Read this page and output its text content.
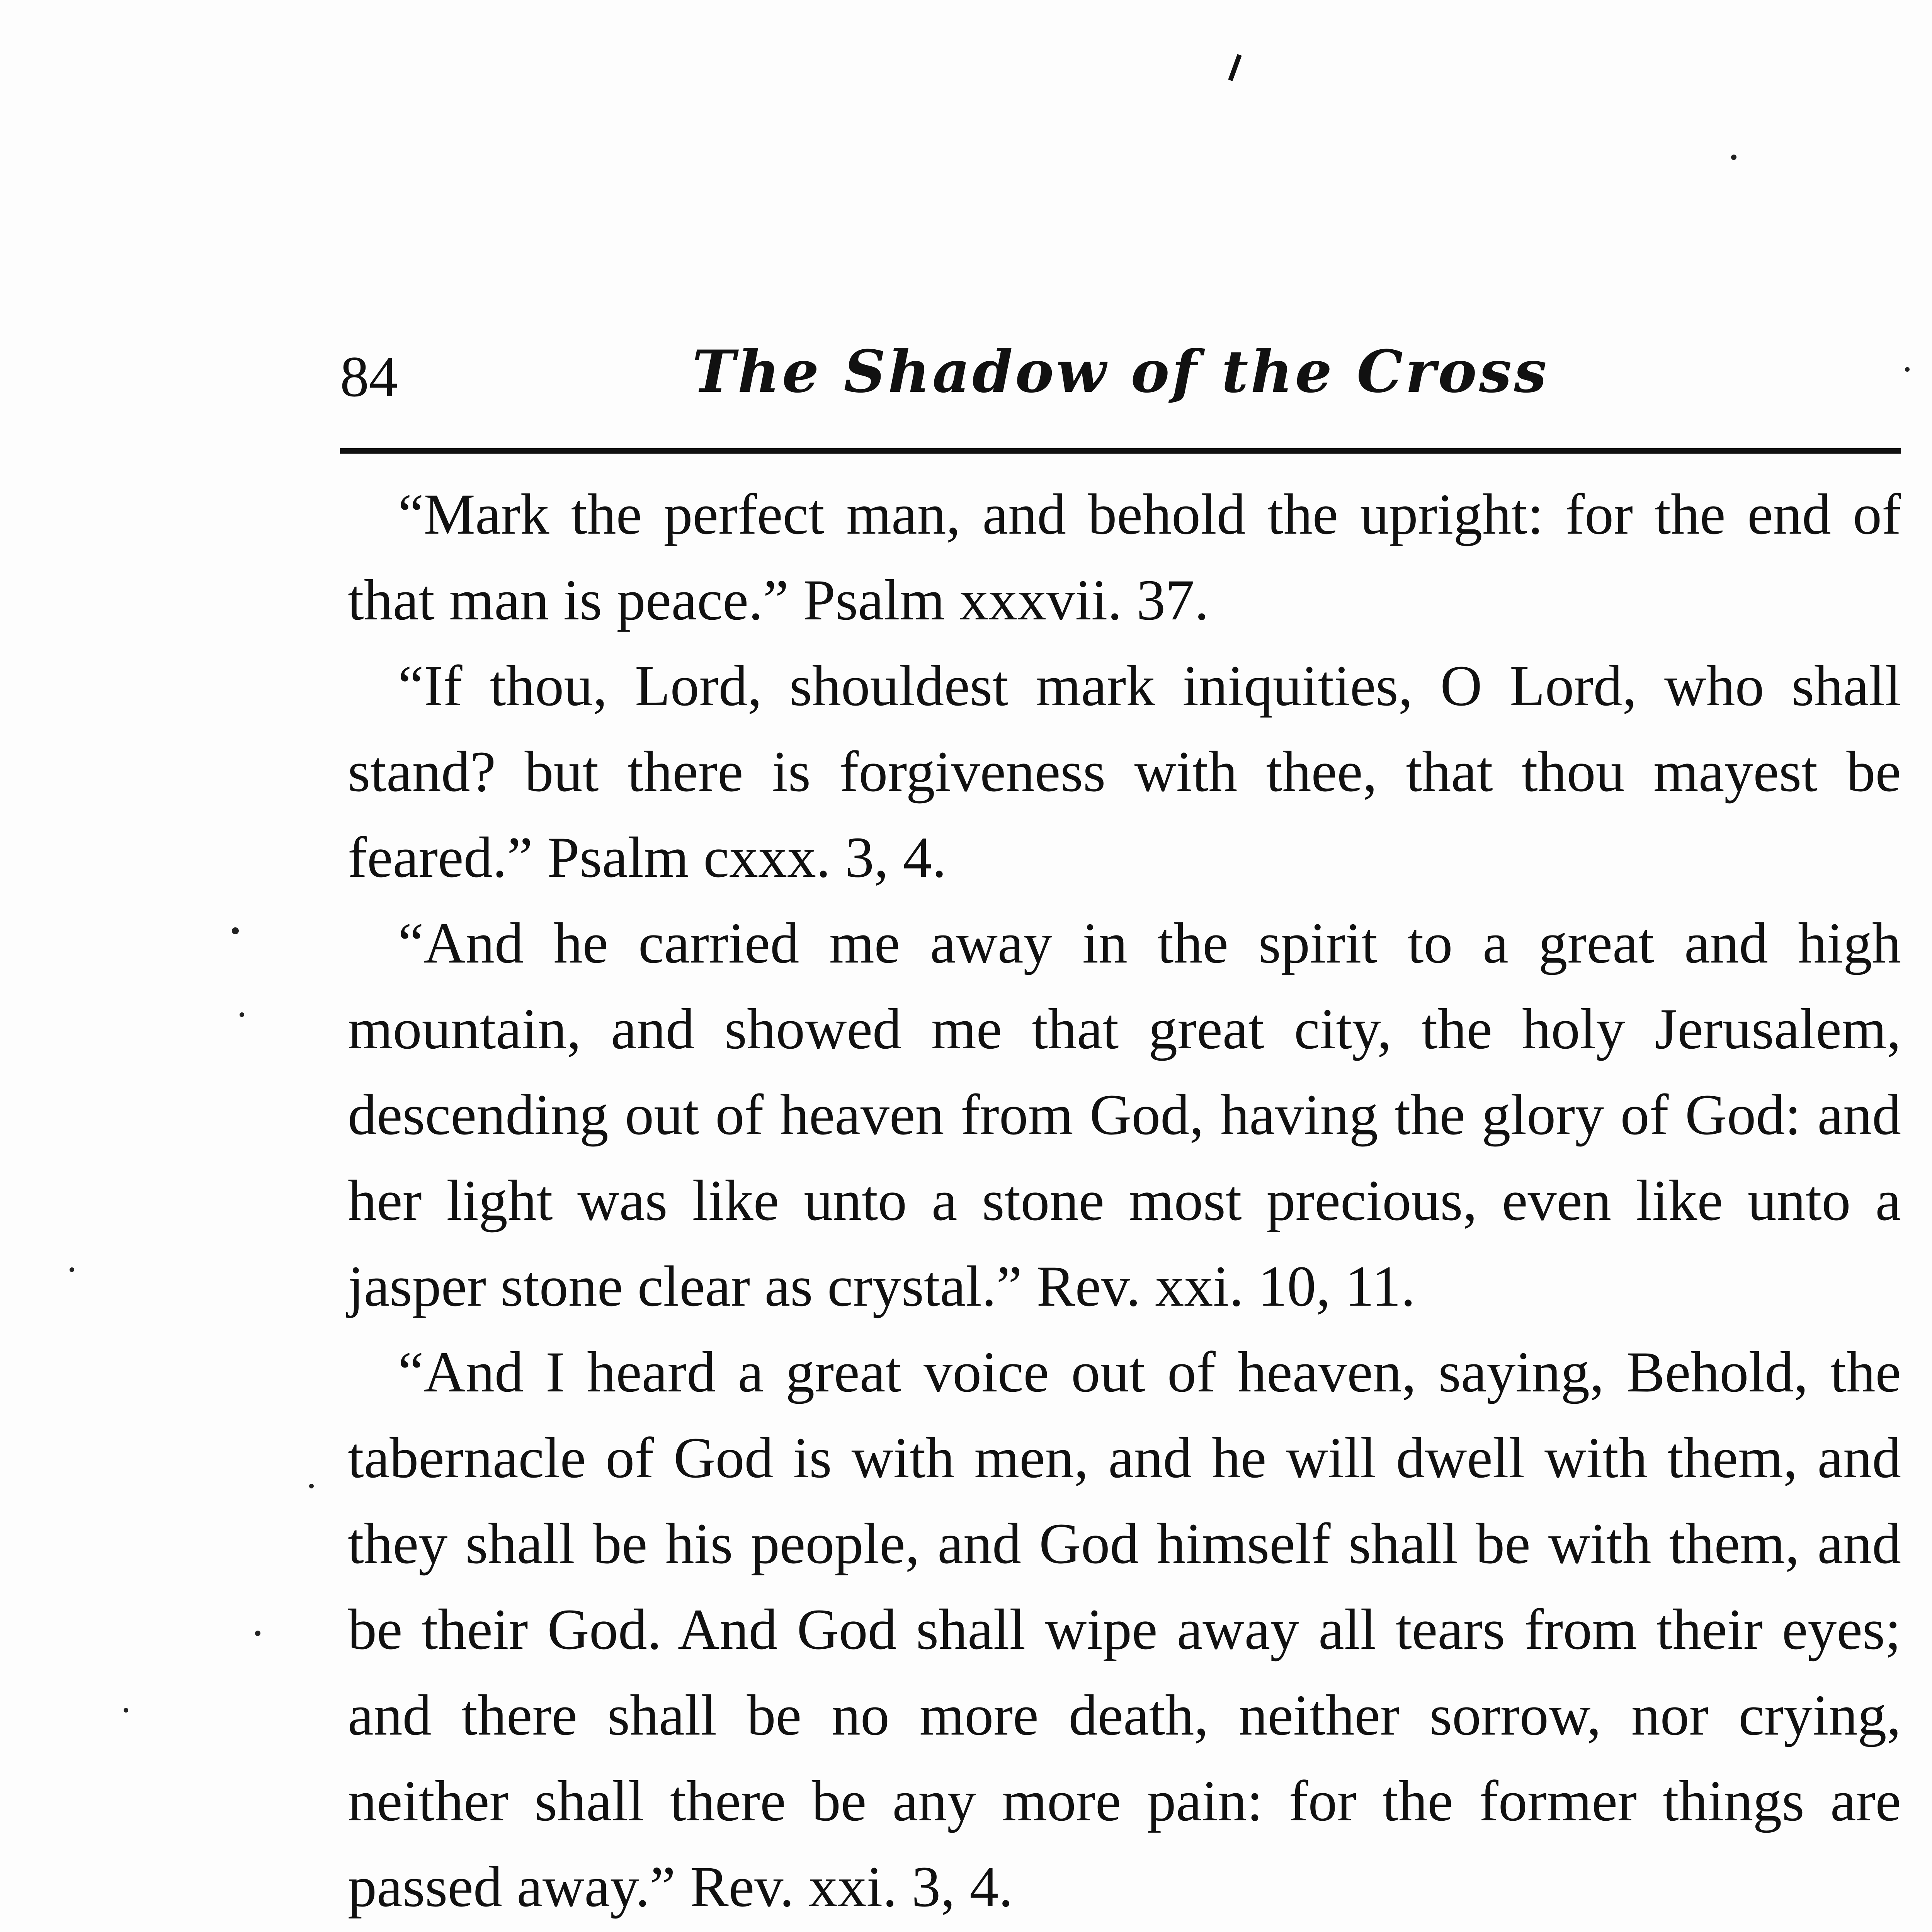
84	The Shadow of the Cross

“Mark the perfect man, and behold the upright: for the end of that man is peace.” Psalm xxxvii. 37.

“If thou, Lord, shouldest mark iniquities, O Lord, who shall stand? but there is forgiveness with thee, that thou mayest be feared.” Psalm cxxx. 3, 4.

“And he carried me away in the spirit to a great and high mountain, and showed me that great city, the holy Jerusalem, descending out of heaven from God, having the glory of God: and her light was like unto a stone most precious, even like unto a jasper stone clear as crystal.” Rev. xxi. 10, 11.

“And I heard a great voice out of heaven, saying, Behold, the tabernacle of God is with men, and he will dwell with them, and they shall be his people, and God himself shall be with them, and be their God. And God shall wipe away all tears from their eyes; and there shall be no more death, neither sorrow, nor crying, neither shall there be any more pain: for the former things are passed away.” Rev. xxi. 3, 4.
